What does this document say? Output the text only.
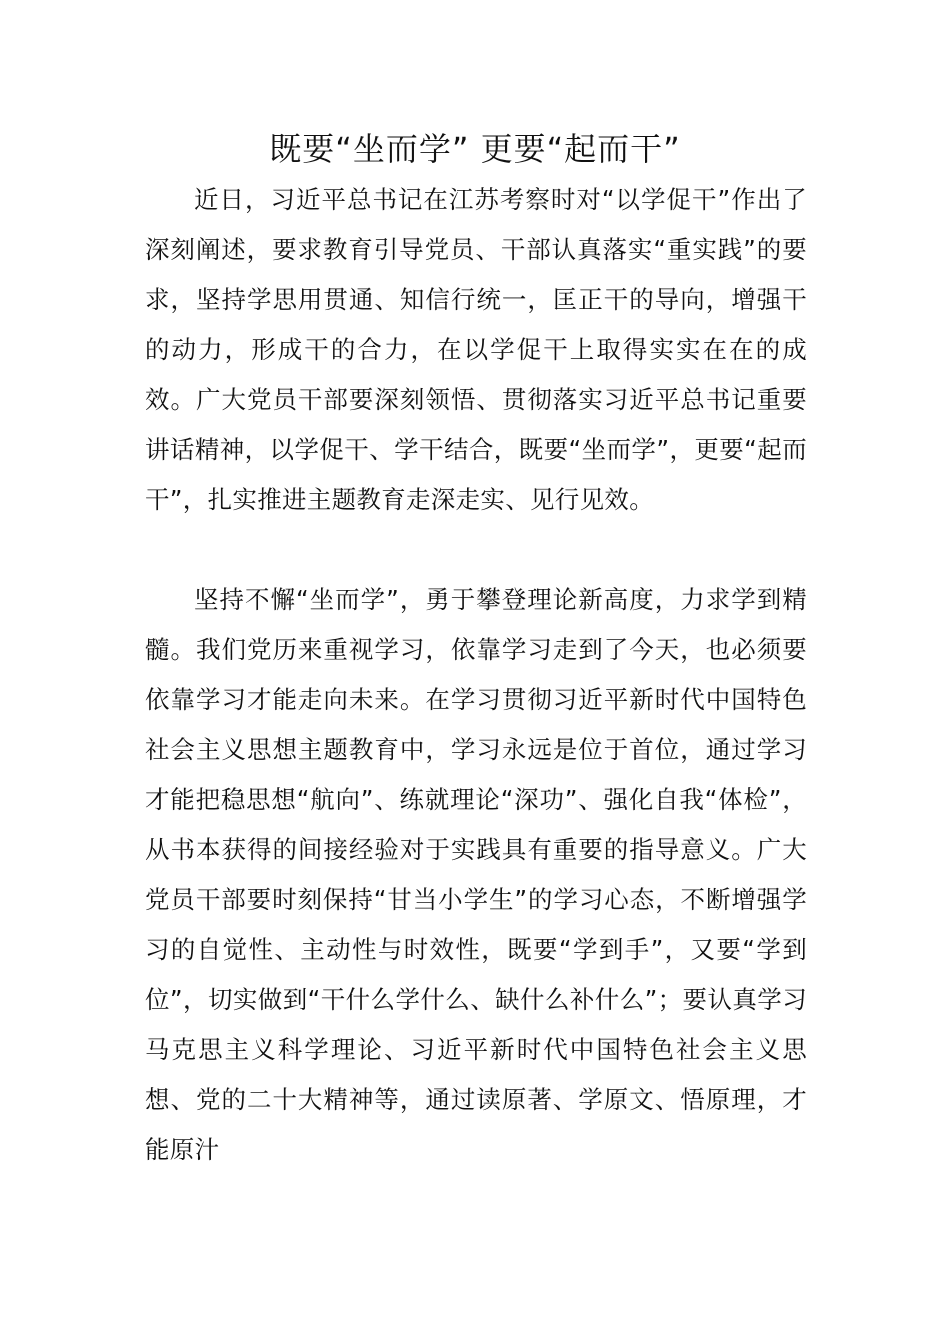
既要“坐而学” 更要“起而干”

近日，习近平总书记在江苏考察时对“以学促干”作出了深刻阐述，要求教育引导党员、干部认真落实“重实践”的要求，坚持学思用贯通、知信行统一，匡正干的导向，增强干的动力，形成干的合力，在以学促干上取得实实在在的成效。广大党员干部要深刻领悟、贯彻落实习近平总书记重要讲话精神，以学促干、学干结合，既要“坐而学”，更要“起而干”，扎实推进主题教育走深走实、见行见效。

坚持不懈“坐而学”，勇于攀登理论新高度，力求学到精髓。我们党历来重视学习，依靠学习走到了今天，也必须要依靠学习才能走向未来。在学习贯彻习近平新时代中国特色社会主义思想主题教育中，学习永远是位于首位，通过学习才能把稳思想“航向”、练就理论“深功”、强化自我“体检”，从书本获得的间接经验对于实践具有重要的指导意义。广大党员干部要时刻保持“甘当小学生”的学习心态，不断增强学习的自觉性、主动性与时效性，既要“学到手”，又要“学到位”，切实做到“干什么学什么、缺什么补什么”；要认真学习马克思主义科学理论、习近平新时代中国特色社会主义思想、党的二十大精神等，通过读原著、学原文、悟原理，才能原汁
